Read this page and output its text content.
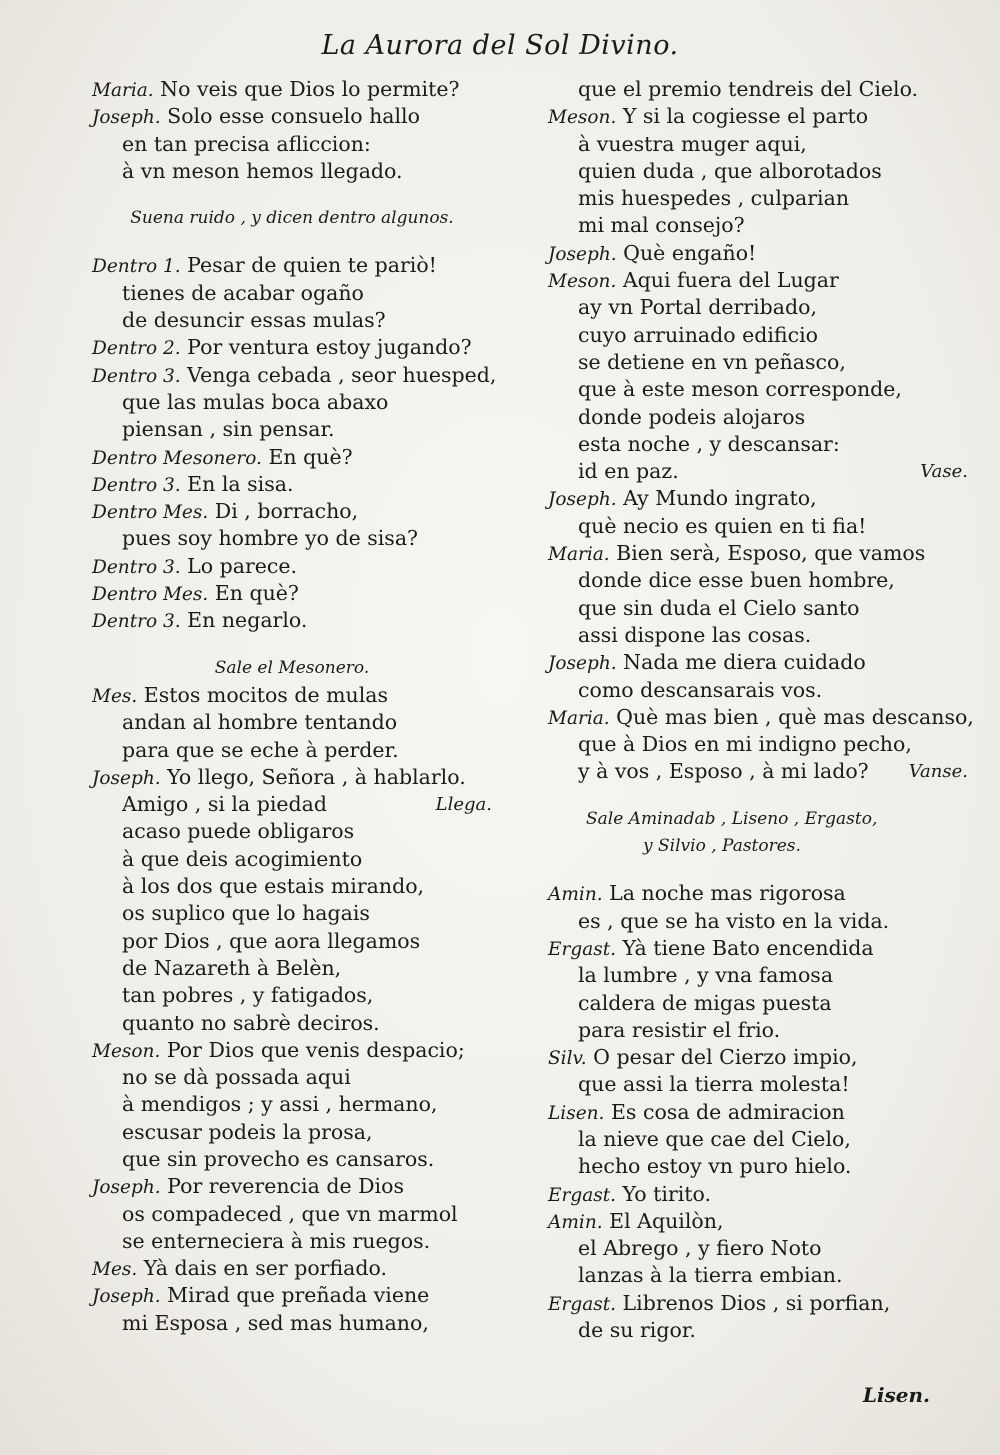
La Aurora del Sol Divino.
Maria. No veis que Dios lo permite?
Joseph. Solo esse consuelo hallo
en tan precisa afliccion:
à vn meson hemos llegado.
Suena ruido , y dicen dentro algunos.
Dentro 1. Pesar de quien te pariò!
tienes de acabar ogaño
de desuncir essas mulas?
Dentro 2. Por ventura estoy jugando?
Dentro 3. Venga cebada , seor huesped,
que las mulas boca abaxo
piensan , sin pensar.
Dentro Mesonero. En què?
Dentro 3. En la sisa.
Dentro Mes. Di , borracho,
pues soy hombre yo de sisa?
Dentro 3. Lo parece.
Dentro Mes. En què?
Dentro 3. En negarlo.
Sale el Mesonero.
Mes. Estos mocitos de mulas
andan al hombre tentando
para que se eche à perder.
Joseph. Yo llego, Señora , à hablarlo.
Amigo , si la piedad	Llega.
acaso puede obligaros
à que deis acogimiento
à los dos que estais mirando,
os suplico que lo hagais
por Dios , que aora llegamos
de Nazareth à Belèn,
tan pobres , y fatigados,
quanto no sabrè deciros.
Meson. Por Dios que venis despacio;
no se dà possada aqui
à mendigos ; y assi , hermano,
escusar podeis la prosa,
que sin provecho es cansaros.
Joseph. Por reverencia de Dios
os compadeced , que vn marmol
se enterneciera à mis ruegos.
Mes. Yà dais en ser porfiado.
Joseph. Mirad que preñada viene
mi Esposa , sed mas humano,
que el premio tendreis del Cielo.
Meson. Y si la cogiesse el parto
à vuestra muger aqui,
quien duda , que alborotados
mis huespedes , culparian
mi mal consejo?
Joseph. Què engaño!
Meson. Aqui fuera del Lugar
ay vn Portal derribado,
cuyo arruinado edificio
se detiene en vn peñasco,
que à este meson corresponde,
donde podeis alojaros
esta noche , y descansar:
id en paz.	Vase.
Joseph. Ay Mundo ingrato,
què necio es quien en ti fia!
Maria. Bien serà, Esposo, que vamos
donde dice esse buen hombre,
que sin duda el Cielo santo
assi dispone las cosas.
Joseph. Nada me diera cuidado
como descansarais vos.
Maria. Què mas bien , què mas descanso,
que à Dios en mi indigno pecho,
y à vos , Esposo , à mi lado? Vanse.
Sale Aminadab , Liseno , Ergasto,
y Silvio , Pastores.
Amin. La noche mas rigorosa
es , que se ha visto en la vida.
Ergast. Yà tiene Bato encendida
la lumbre , y vna famosa
caldera de migas puesta
para resistir el frio.
Silv. O pesar del Cierzo impio,
que assi la tierra molesta!
Lisen. Es cosa de admiracion
la nieve que cae del Cielo,
hecho estoy vn puro hielo.
Ergast. Yo tirito.
Amin. El Aquilòn,
el Abrego , y fiero Noto
lanzas à la tierra embian.
Ergast. Librenos Dios , si porfian,
de su rigor.
Lisen.
